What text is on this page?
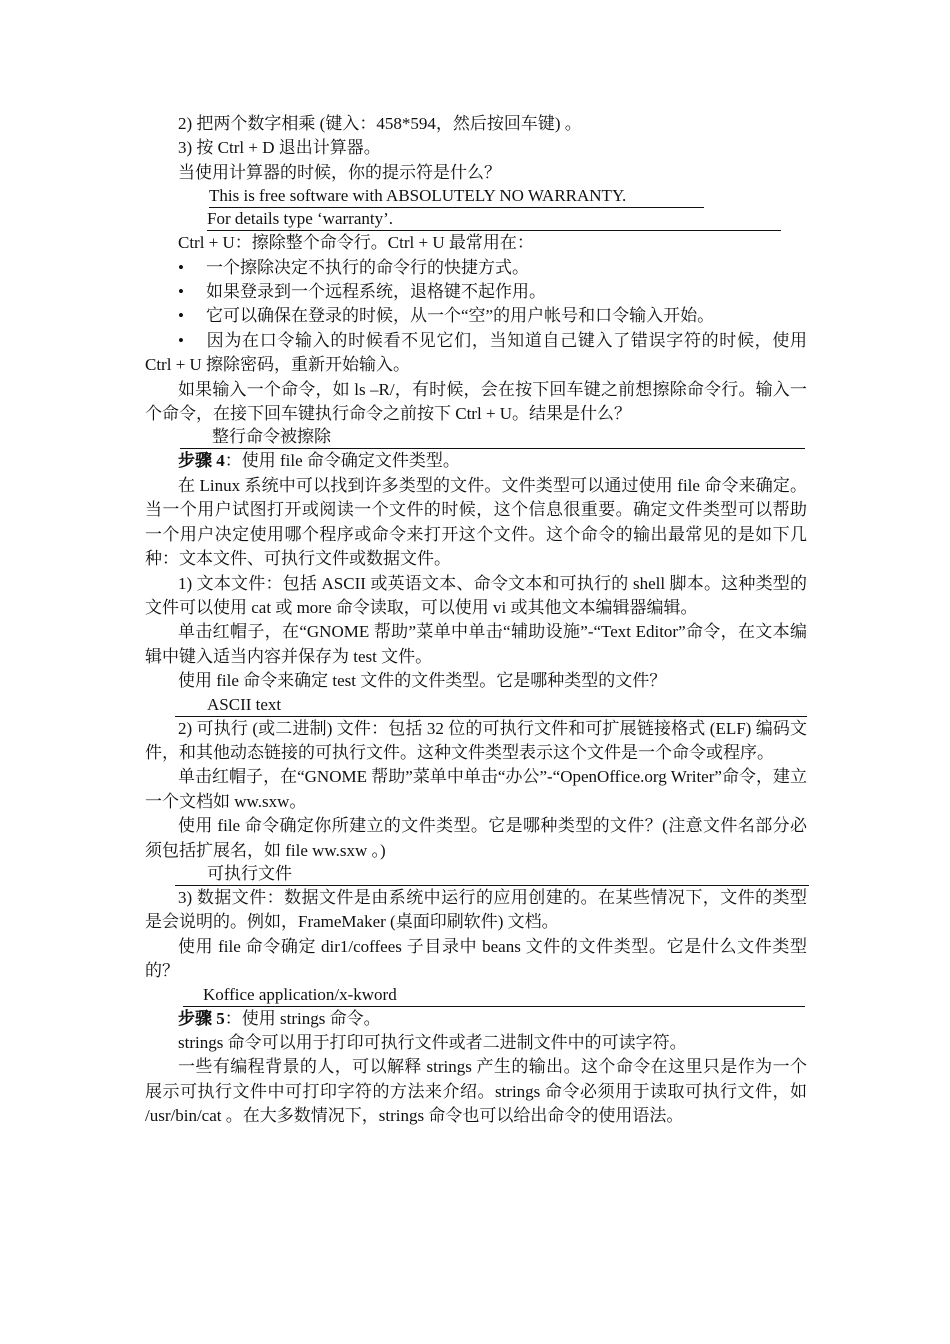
2) 把两个数字相乘 (键入：458*594，然后按回车键) 。

3) 按 Ctrl + D 退出计算器。

当使用计算器的时候，你的提示符是什么？

This is free software with ABSOLUTELY NO WARRANTY.
For details type ‘warranty’.

Ctrl + U：擦除整个命令行。Ctrl + U 最常用在：

• 一个擦除决定不执行的命令行的快捷方式。

• 如果登录到一个远程系统，退格键不起作用。

• 它可以确保在登录的时候，从一个“空”的用户帐号和口令输入开始。

• 因为在口令输入的时候看不见它们，当知道自己键入了错误字符的时候，使用 Ctrl + U 擦除密码，重新开始输入。

如果输入一个命令，如 ls –R/，有时候，会在按下回车键之前想擦除命令行。输入一个命令，在接下回车键执行命令之前按下 Ctrl + U。结果是什么？

整行命令被擦除

步骤 4：使用 file 命令确定文件类型。

在 Linux 系统中可以找到许多类型的文件。文件类型可以通过使用 file 命令来确定。当一个用户试图打开或阅读一个文件的时候，这个信息很重要。确定文件类型可以帮助一个用户决定使用哪个程序或命令来打开这个文件。这个命令的输出最常见的是如下几种：文本文件、可执行文件或数据文件。

1) 文本文件：包括 ASCII 或英语文本、命令文本和可执行的 shell 脚本。这种类型的文件可以使用 cat 或 more 命令读取，可以使用 vi 或其他文本编辑器编辑。

单击红帽子，在“GNOME 帮助”菜单中单击“辅助设施”-“Text Editor”命令，在文本编辑中键入适当内容并保存为 test 文件。

使用 file 命令来确定 test 文件的文件类型。它是哪种类型的文件？

ASCII text

2) 可执行 (或二进制) 文件：包括 32 位的可执行文件和可扩展链接格式 (ELF) 编码文件，和其他动态链接的可执行文件。这种文件类型表示这个文件是一个命令或程序。

单击红帽子，在“GNOME 帮助”菜单中单击“办公”-“OpenOffice.org Writer”命令，建立一个文档如 ww.sxw。

使用 file 命令确定你所建立的文件类型。它是哪种类型的文件？(注意文件名部分必须包括扩展名，如 file ww.sxw 。)

可执行文件

3) 数据文件：数据文件是由系统中运行的应用创建的。在某些情况下，文件的类型是会说明的。例如，FrameMaker (桌面印刷软件) 文档。

使用 file 命令确定 dir1/coffees 子目录中 beans 文件的文件类型。它是什么文件类型的？

Koffice application/x-kword

步骤 5：使用 strings 命令。

strings 命令可以用于打印可执行文件或者二进制文件中的可读字符。

一些有编程背景的人，可以解释 strings 产生的输出。这个命令在这里只是作为一个展示可执行文件中可打印字符的方法来介绍。strings 命令必须用于读取可执行文件，如 /usr/bin/cat 。在大多数情况下，strings 命令也可以给出命令的使用语法。
